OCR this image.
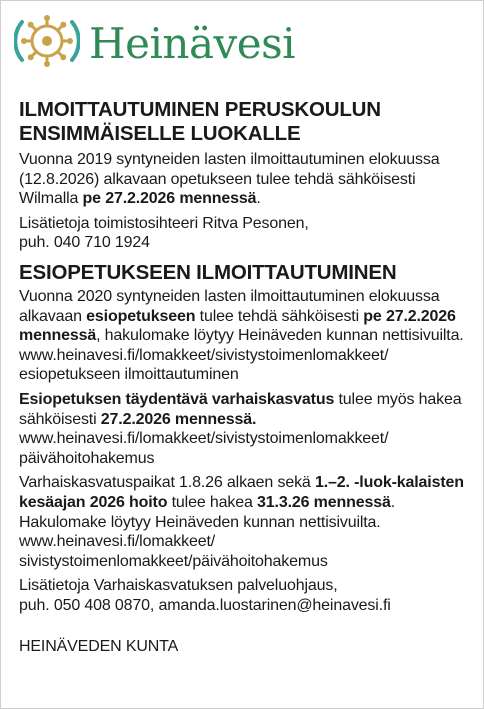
Heinävesi
ILMOITTAUTUMINEN PERUSKOULUN
ENSIMMÄISELLE LUOKALLE

Vuonna 2019 syntyneiden lasten ilmoittautuminen elokuussa (12.8.2026) alkavaan opetukseen tulee tehdä sähköisesti Wilmalla pe 27.2.2026 mennessä.

Lisätietoja toimistosihteeri Ritva Pesonen,
puh. 040 710 1924

ESIOPETUKSEEN ILMOITTAUTUMINEN

Vuonna 2020 syntyneiden lasten ilmoittautuminen elokuussa alkavaan esiopetukseen tulee tehdä sähköisesti pe 27.2.2026 mennessä, hakulomake löytyy Heinäveden kunnan nettisivuilta.
www.heinavesi.fi/lomakkeet/sivistystoimenlomakkeet/
esiopetukseen ilmoittautuminen

Esiopetuksen täydentävä varhaiskasvatus tulee myös hakea sähköisesti 27.2.2026 mennessä.
www.heinavesi.fi/lomakkeet/sivistystoimenlomakkeet/
päivähoitohakemus

Varhaiskasvatuspaikat 1.8.26 alkaen sekä 1.–2. -luok-kalaisten kesäajan 2026 hoito tulee hakea 31.3.26 mennessä. Hakulomake löytyy Heinäveden kunnan nettisivuilta. www.heinavesi.fi/lomakkeet/
sivistystoimenlomakkeet/päivähoitohakemus

Lisätietoja Varhaiskasvatuksen palveluohjaus,
puh. 050 408 0870, amanda.luostarinen@heinavesi.fi

HEINÄVEDEN KUNTA
